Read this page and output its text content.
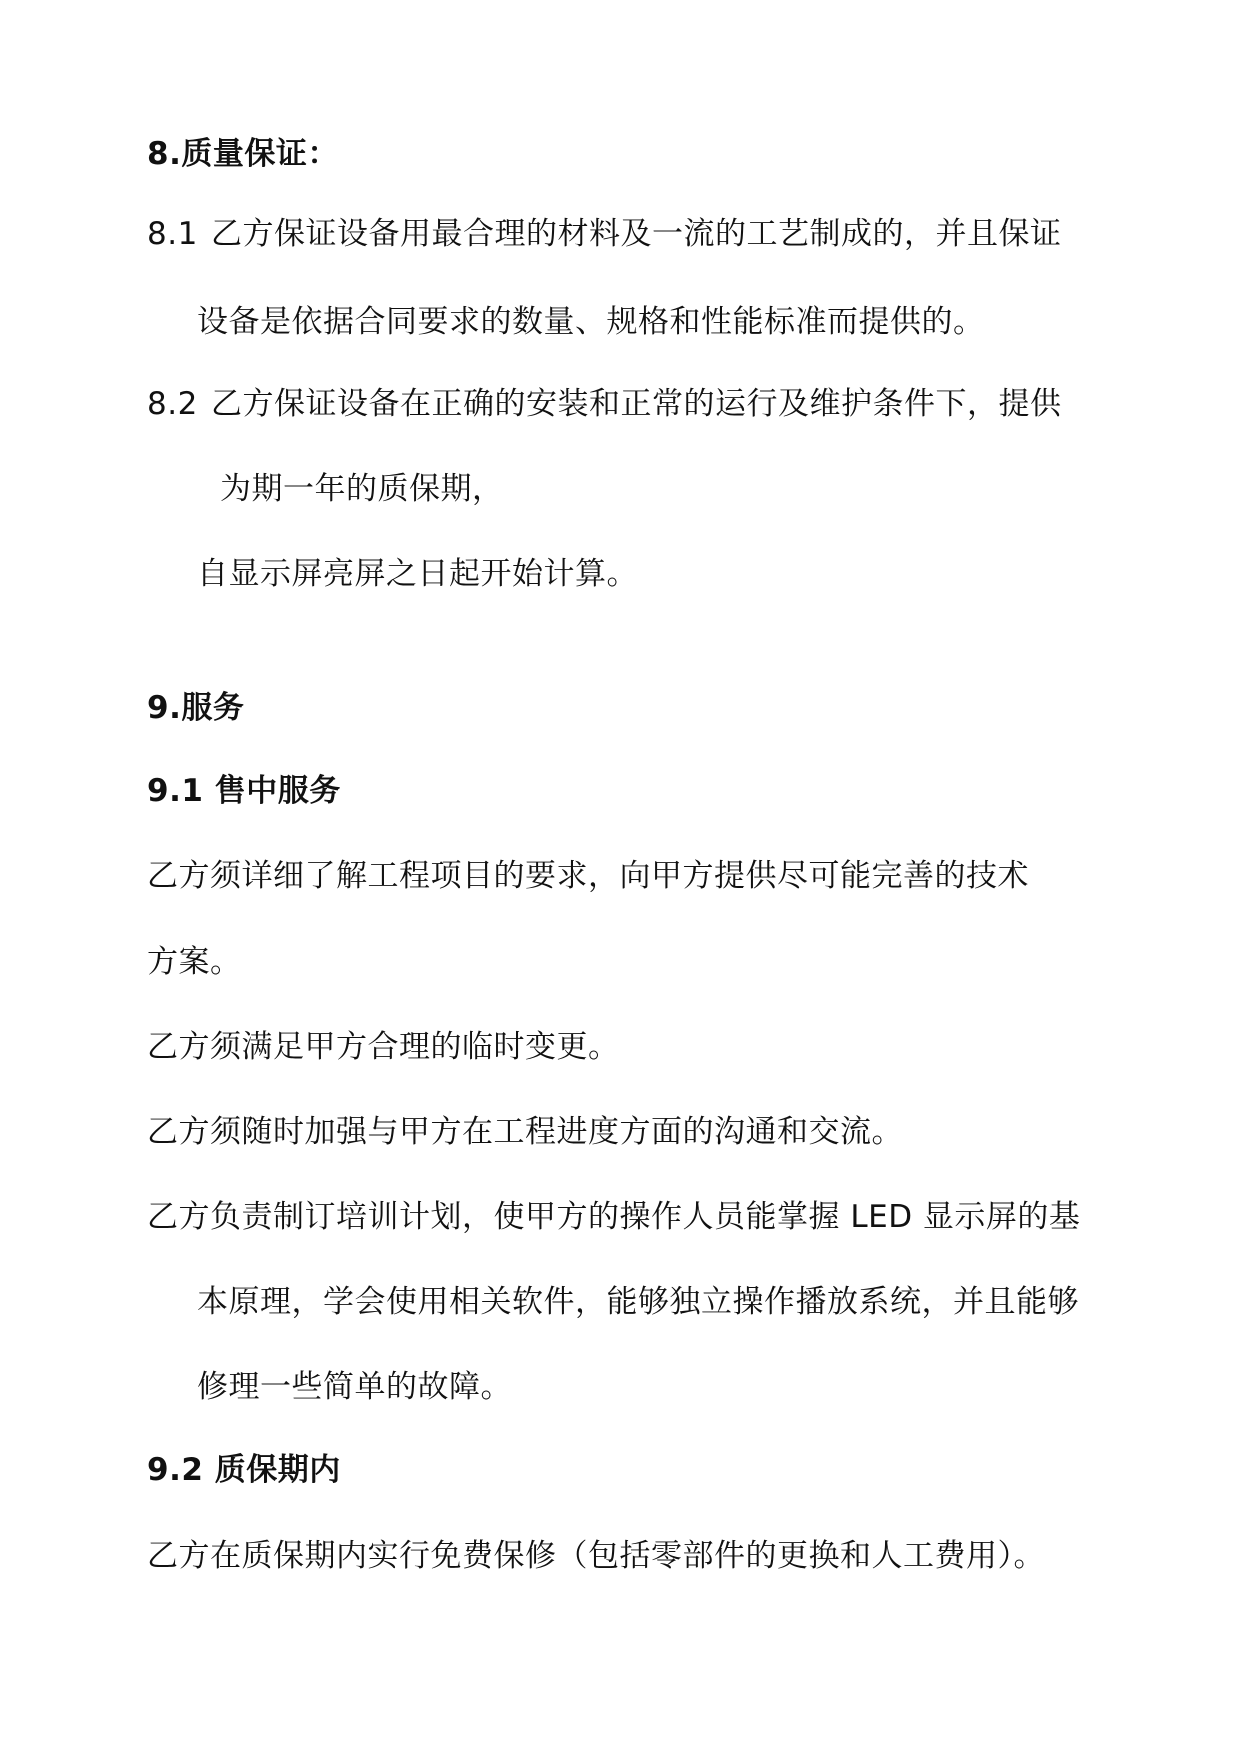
8.质量保证：
8.1 乙方保证设备用最合理的材料及一流的工艺制成的，并且保证
设备是依据合同要求的数量、规格和性能标准而提供的。
8.2 乙方保证设备在正确的安装和正常的运行及维护条件下，提供
为期一年的质保期，
自显示屏亮屏之日起开始计算。
9.服务
9.1 售中服务
乙方须详细了解工程项目的要求，向甲方提供尽可能完善的技术
方案。
乙方须满足甲方合理的临时变更。
乙方须随时加强与甲方在工程进度方面的沟通和交流。
乙方负责制订培训计划，使甲方的操作人员能掌握 LED 显示屏的基
本原理，学会使用相关软件，能够独立操作播放系统，并且能够
修理一些简单的故障。
9.2 质保期内
乙方在质保期内实行免费保修（包括零部件的更换和人工费用）。
